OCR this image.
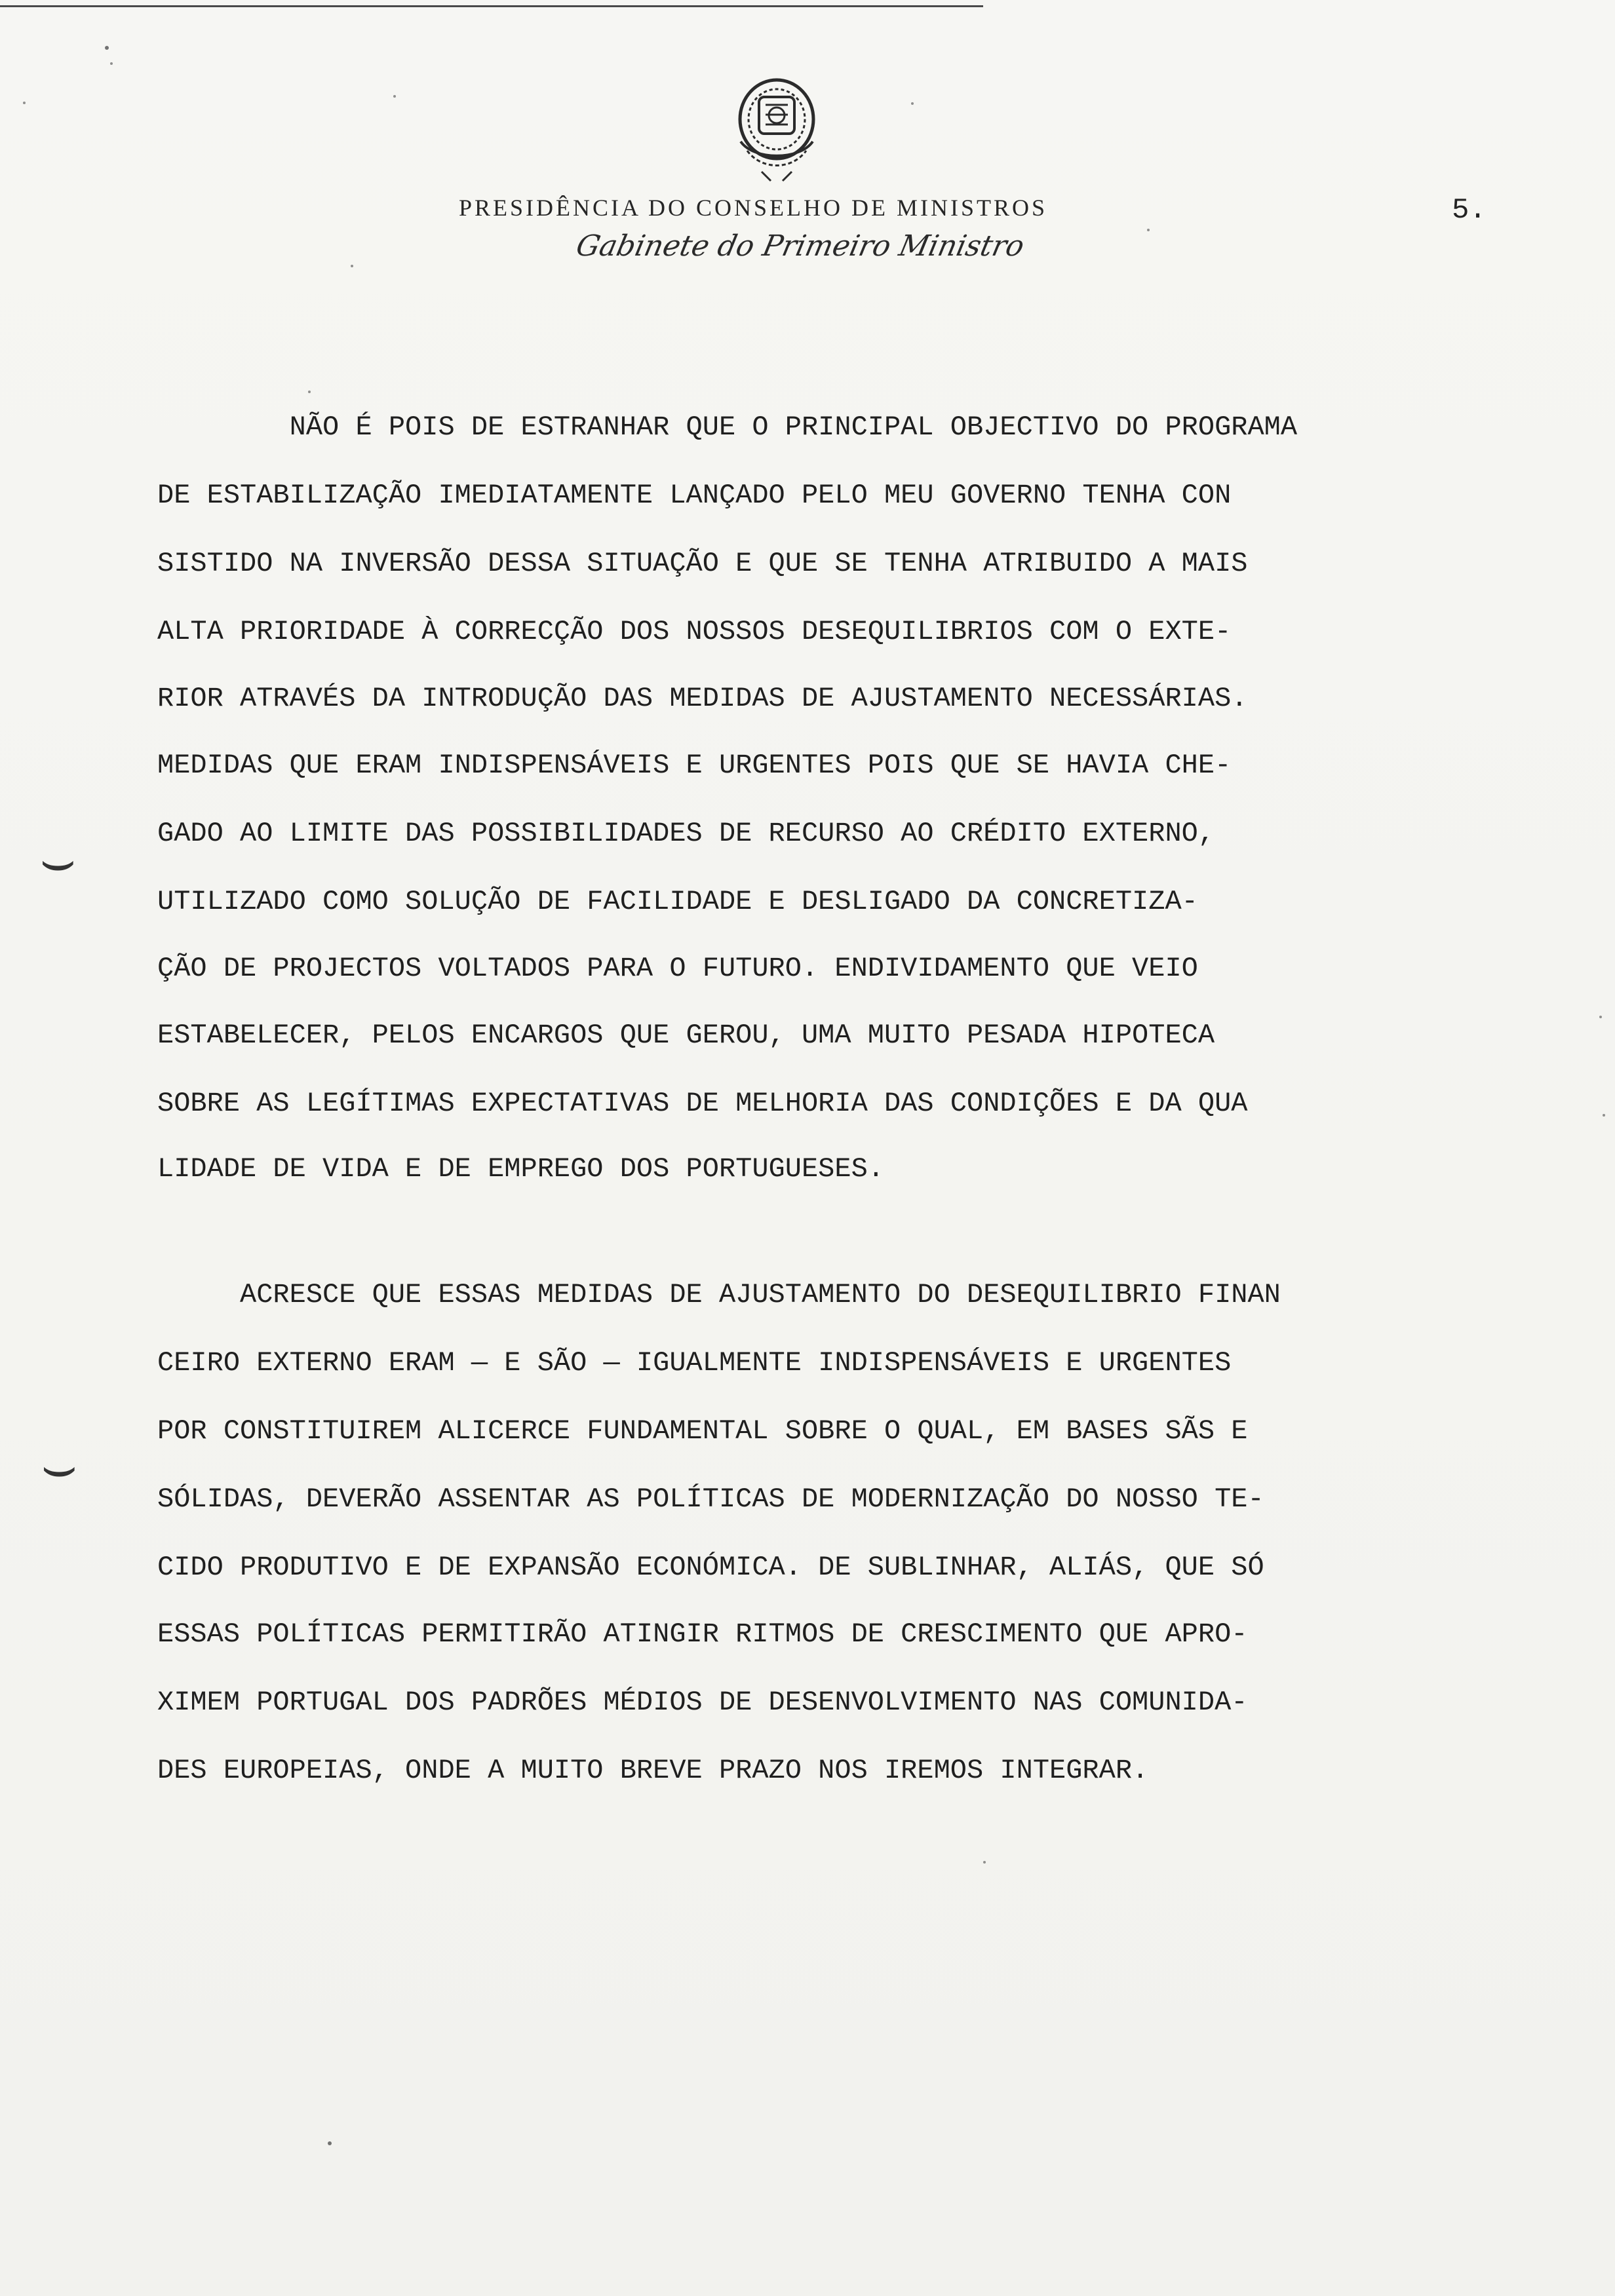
PRESIDÊNCIA DO CONSELHO DE MINISTROS
Gabinete do Primeiro Ministro
5.
NÃO É POIS DE ESTRANHAR QUE O PRINCIPAL OBJECTIVO DO PROGRAMA
DE ESTABILIZAÇÃO IMEDIATAMENTE LANÇADO PELO MEU GOVERNO TENHA CON
SISTIDO NA INVERSÃO DESSA SITUAÇÃO E QUE SE TENHA ATRIBUIDO A MAIS
ALTA PRIORIDADE À CORRECÇÃO DOS NOSSOS DESEQUILIBRIOS COM O EXTE-
RIOR ATRAVÉS DA INTRODUÇÃO DAS MEDIDAS DE AJUSTAMENTO NECESSÁRIAS.
MEDIDAS QUE ERAM INDISPENSÁVEIS E URGENTES POIS QUE SE HAVIA CHE-
GADO AO LIMITE DAS POSSIBILIDADES DE RECURSO AO CRÉDITO EXTERNO,
UTILIZADO COMO SOLUÇÃO DE FACILIDADE E DESLIGADO DA CONCRETIZA-
ÇÃO DE PROJECTOS VOLTADOS PARA O FUTURO. ENDIVIDAMENTO QUE VEIO
ESTABELECER, PELOS ENCARGOS QUE GEROU, UMA MUITO PESADA HIPOTECA
SOBRE AS LEGÍTIMAS EXPECTATIVAS DE MELHORIA DAS CONDIÇÕES E DA QUA
LIDADE DE VIDA E DE EMPREGO DOS PORTUGUESES.
ACRESCE QUE ESSAS MEDIDAS DE AJUSTAMENTO DO DESEQUILIBRIO FINAN
CEIRO EXTERNO ERAM — E SÃO — IGUALMENTE INDISPENSÁVEIS E URGENTES
POR CONSTITUIREM ALICERCE FUNDAMENTAL SOBRE O QUAL, EM BASES SÃS E
SÓLIDAS, DEVERÃO ASSENTAR AS POLÍTICAS DE MODERNIZAÇÃO DO NOSSO TE-
CIDO PRODUTIVO E DE EXPANSÃO ECONÓMICA. DE SUBLINHAR, ALIÁS, QUE SÓ
ESSAS POLÍTICAS PERMITIRÃO ATINGIR RITMOS DE CRESCIMENTO QUE APRO-
XIMEM PORTUGAL DOS PADRÕES MÉDIOS DE DESENVOLVIMENTO NAS COMUNIDA-
DES EUROPEIAS, ONDE A MUITO BREVE PRAZO NOS IREMOS INTEGRAR.
⌣
⌣
